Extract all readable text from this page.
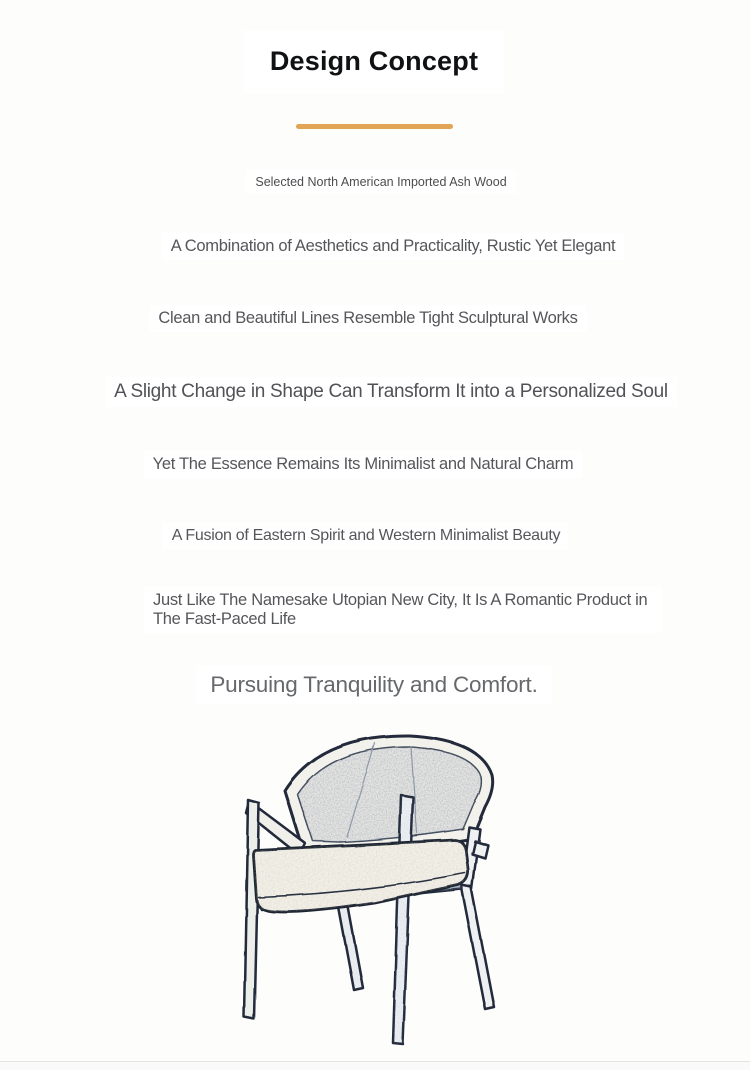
Design Concept
Selected North American Imported Ash Wood
A Combination of Aesthetics and Practicality, Rustic Yet Elegant
Clean and Beautiful Lines Resemble Tight Sculptural Works
A Slight Change in Shape Can Transform It into a Personalized Soul
Yet The Essence Remains Its Minimalist and Natural Charm
A Fusion of Eastern Spirit and Western Minimalist Beauty
Just Like The Namesake Utopian New City, It Is A Romantic Product in The Fast-Paced Life
Pursuing Tranquility and Comfort.
